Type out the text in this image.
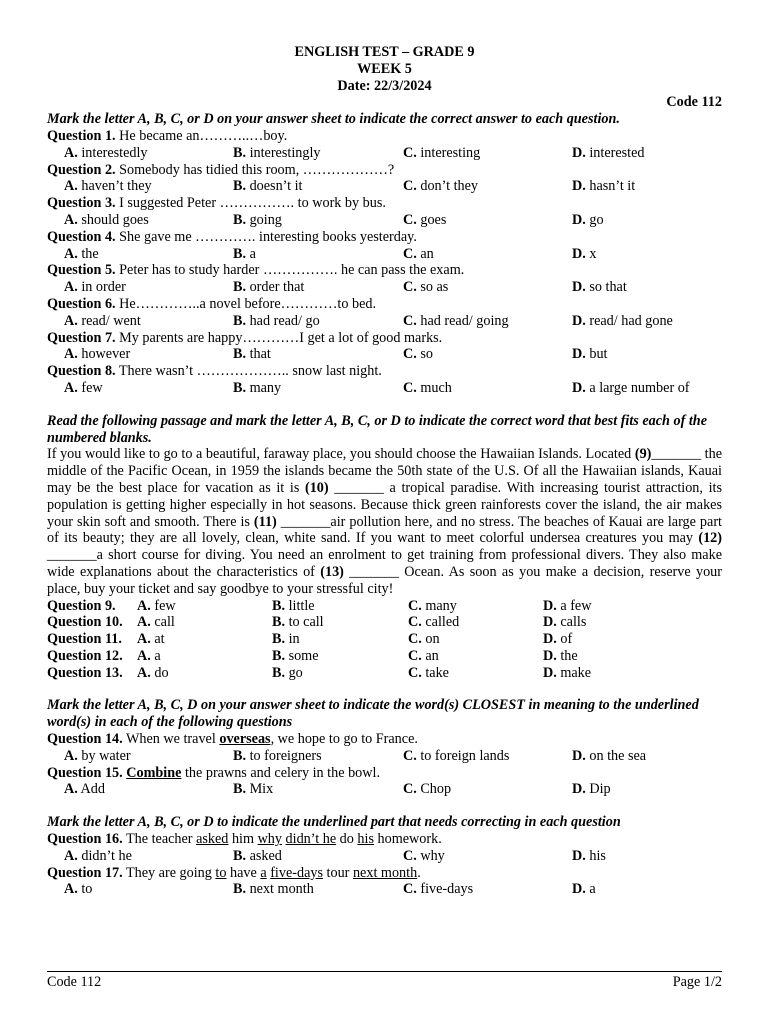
ENGLISH TEST – GRADE 9
WEEK 5
Date: 22/3/2024
Code 112
Mark the letter A, B, C, or D on your answer sheet to indicate the correct answer to each question.
Question 1. He became an………..…boy.
A. interestedly	B. interestingly	C. interesting	D. interested
Question 2. Somebody has tidied this room, ………………?
A. haven’t they	B. doesn’t it	C. don’t they	D. hasn’t it
Question 3. I suggested Peter ……………. to work by bus.
A. should goes	B. going	C. goes	D. go
Question 4. She gave me …………. interesting books yesterday.
A. the	B. a	C. an	D. x
Question 5. Peter has to study harder ……………. he can pass the exam.
A. in order	B. order that	C. so as	D. so that
Question 6. He…………..a novel before…………to bed.
A. read/ went	B. had read/ go	C. had read/ going	D. read/ had gone
Question 7. My parents are happy…………I get a lot of good marks.
A. however	B. that	C. so	D. but
Question 8. There wasn’t ……………….. snow last night.
A. few	B. many	C. much	D. a large number of
Read the following passage and mark the letter A, B, C, or D to indicate the correct word that best fits each of the numbered blanks.
If you would like to go to a beautiful, faraway place, you should choose the Hawaiian Islands. Located (9)_______ the middle of the Pacific Ocean, in 1959 the islands became the 50th state of the U.S. Of all the Hawaiian islands, Kauai may be the best place for vacation as it is (10) _______ a tropical paradise. With increasing tourist attraction, its population is getting higher especially in hot seasons. Because thick green rainforests cover the island, the air makes your skin soft and smooth. There is (11) _______air pollution here, and no stress. The beaches of Kauai are large part of its beauty; they are all lovely, clean, white sand. If you want to meet colorful undersea creatures you may (12) _______a short course for diving. You need an enrolment to get training from professional divers. They also make wide explanations about the characteristics of (13) _______ Ocean. As soon as you make a decision, reserve your place, buy your ticket and say goodbye to your stressful city!
Question 9. A. few	B. little	C. many	D. a few
Question 10. A. call	B. to call	C. called	D. calls
Question 11. A. at	B. in	C. on	D. of
Question 12. A. a	B. some	C. an	D. the
Question 13. A. do	B. go	C. take	D. make
Mark the letter A, B, C, D on your answer sheet to indicate the word(s) CLOSEST in meaning to the underlined word(s) in each of the following questions
Question 14. When we travel overseas, we hope to go to France.
A. by water	B. to foreigners	C. to foreign lands	D. on the sea
Question 15. Combine the prawns and celery in the bowl.
A. Add	B. Mix	C. Chop	D. Dip
Mark the letter A, B, C, or D to indicate the underlined part that needs correcting in each question
Question 16. The teacher asked him why didn’t he do his homework.
A. didn’t he	B. asked	C. why	D. his
Question 17. They are going to have a five-days tour next month.
A. to	B. next month	C. five-days	D. a
Code 112	Page 1/2
